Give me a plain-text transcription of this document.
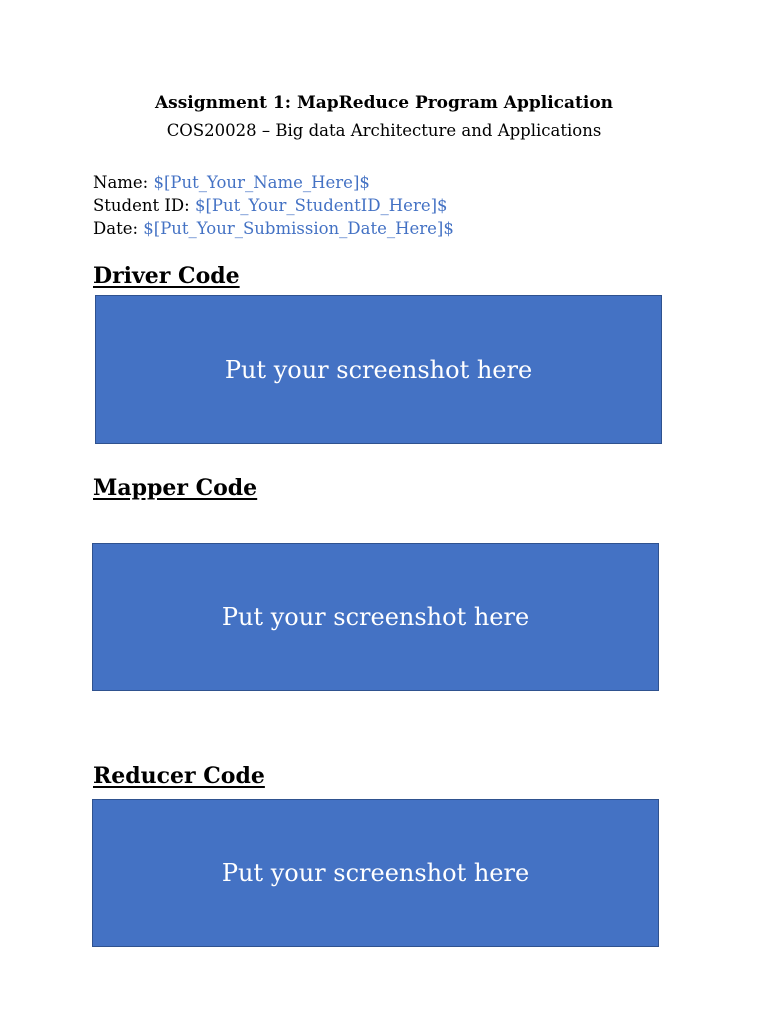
Assignment 1: MapReduce Program Application

COS20028 – Big data Architecture and Applications

Name: $[Put_Your_Name_Here]$
Student ID: $[Put_Your_StudentID_Here]$
Date: $[Put_Your_Submission_Date_Here]$
Driver Code
Put your screenshot here
Mapper Code
Put your screenshot here
Reducer Code
Put your screenshot here
